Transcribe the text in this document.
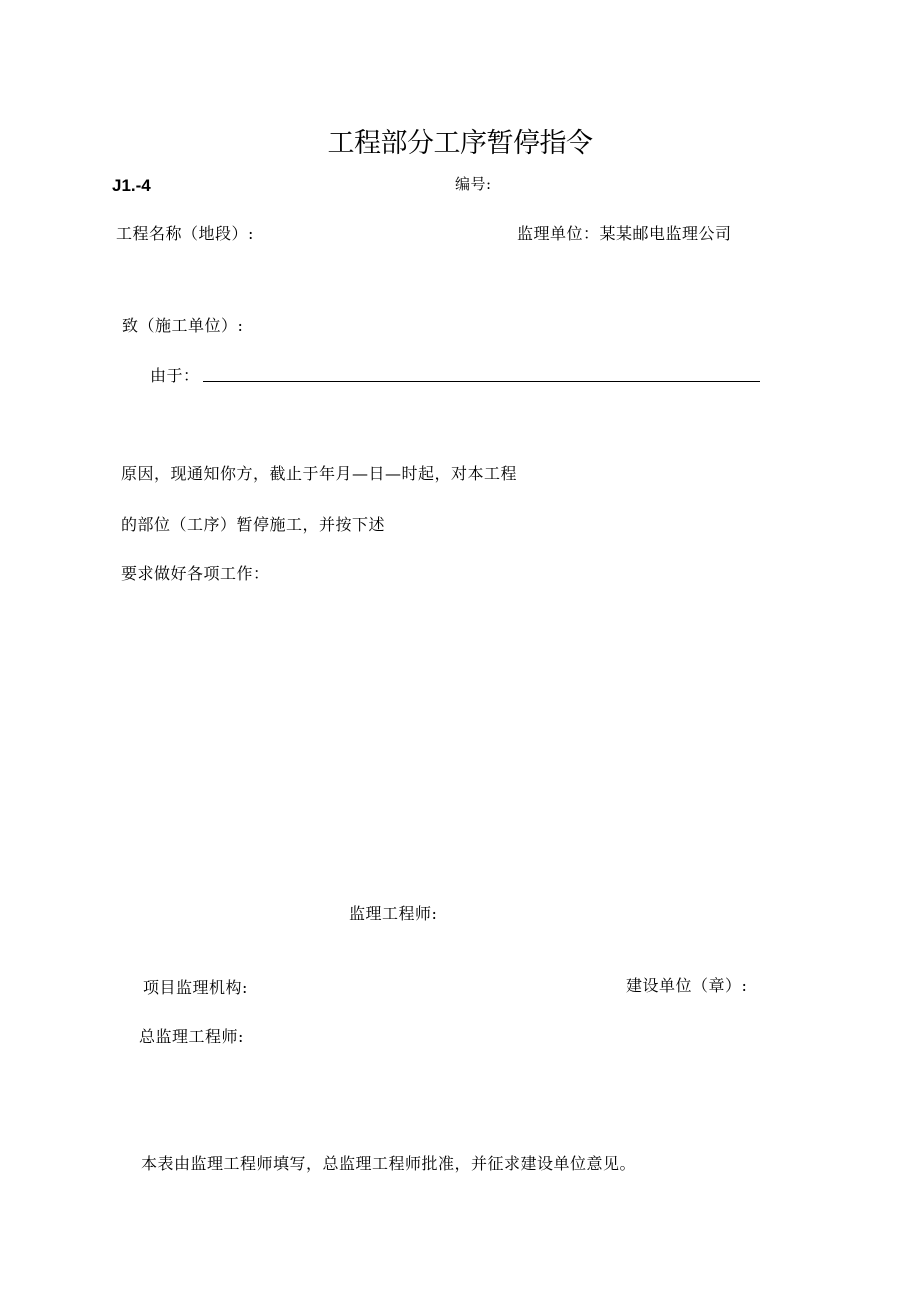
工程部分工序暂停指令
J1.-4	编号:
工程名称（地段）:	监理单位：某某邮电监理公司
致（施工单位）:
由于：
原因，现通知你方，截止于年月—日—时起，对本工程
的部位（工序）暂停施工，并按下述
要求做好各项工作：
监理工程师:
项目监理机构:	建设单位（章）:
总监理工程师:
本表由监理工程师填写，总监理工程师批准，并征求建设单位意见。
